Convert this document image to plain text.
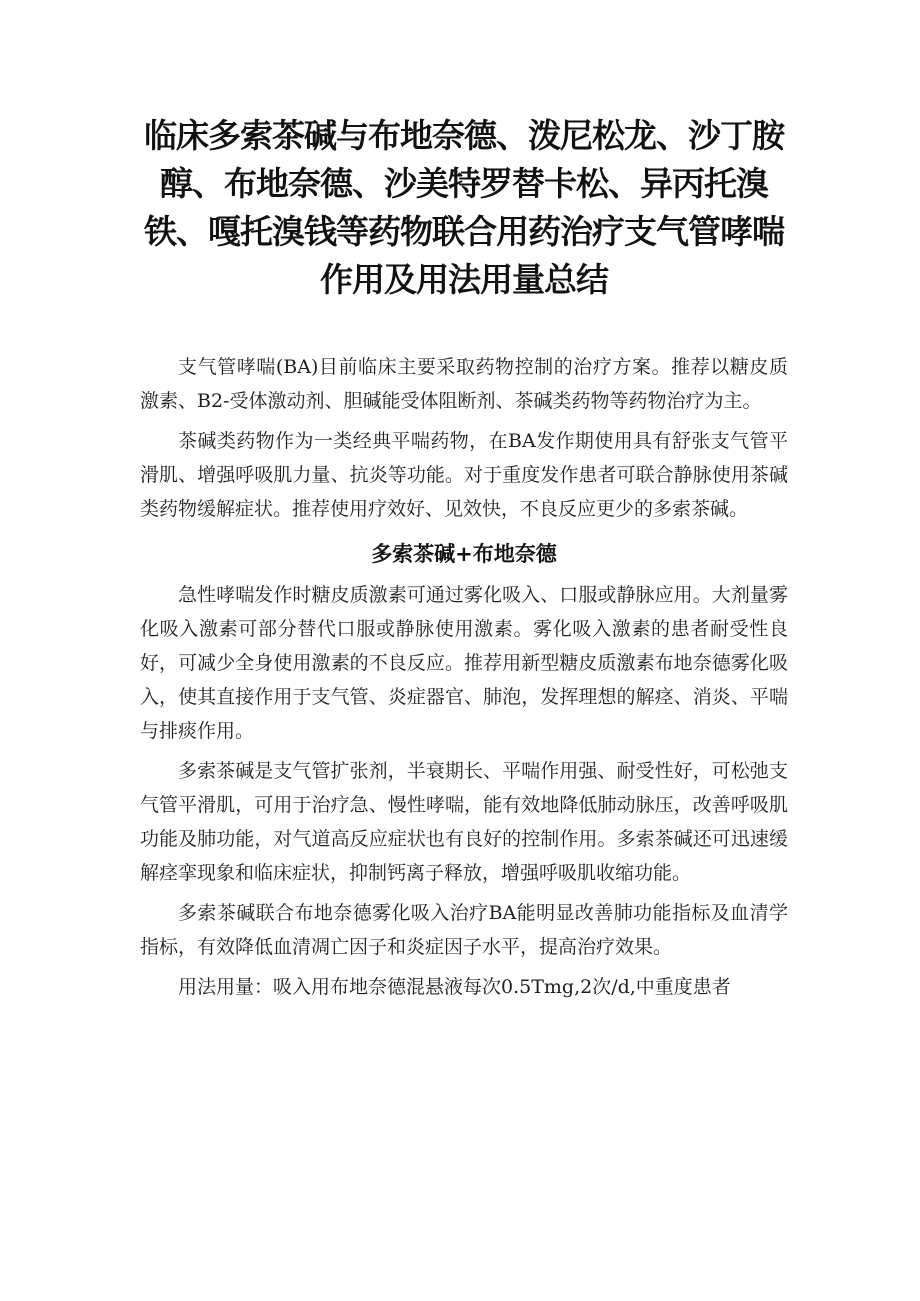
临床多索茶碱与布地奈德、泼尼松龙、沙丁胺醇、布地奈德、沙美特罗替卡松、异丙托溴铁、嘎托溴钱等药物联合用药治疗支气管哮喘作用及用法用量总结

支气管哮喘(BA)目前临床主要采取药物控制的治疗方案。推荐以糖皮质激素、B2-受体激动剂、胆碱能受体阻断剂、茶碱类药物等药物治疗为主。

茶碱类药物作为一类经典平喘药物，在BA发作期使用具有舒张支气管平滑肌、增强呼吸肌力量、抗炎等功能。对于重度发作患者可联合静脉使用茶碱类药物缓解症状。推荐使用疗效好、见效快，不良反应更少的多索茶碱。

多索茶碱+布地奈德

急性哮喘发作时糖皮质激素可通过雾化吸入、口服或静脉应用。大剂量雾化吸入激素可部分替代口服或静脉使用激素。雾化吸入激素的患者耐受性良好，可减少全身使用激素的不良反应。推荐用新型糖皮质激素布地奈德雾化吸入，使其直接作用于支气管、炎症器官、肺泡，发挥理想的解痉、消炎、平喘与排痰作用。

多索茶碱是支气管扩张剂，半衰期长、平喘作用强、耐受性好，可松弛支气管平滑肌，可用于治疗急、慢性哮喘，能有效地降低肺动脉压，改善呼吸肌功能及肺功能，对气道高反应症状也有良好的控制作用。多索茶碱还可迅速缓解痉挛现象和临床症状，抑制钙离子释放，增强呼吸肌收缩功能。

多索茶碱联合布地奈德雾化吸入治疗BA能明显改善肺功能指标及血清学指标，有效降低血清凋亡因子和炎症因子水平，提高治疗效果。

用法用量：吸入用布地奈德混悬液每次0.5Tmg,2次/d,中重度患者
